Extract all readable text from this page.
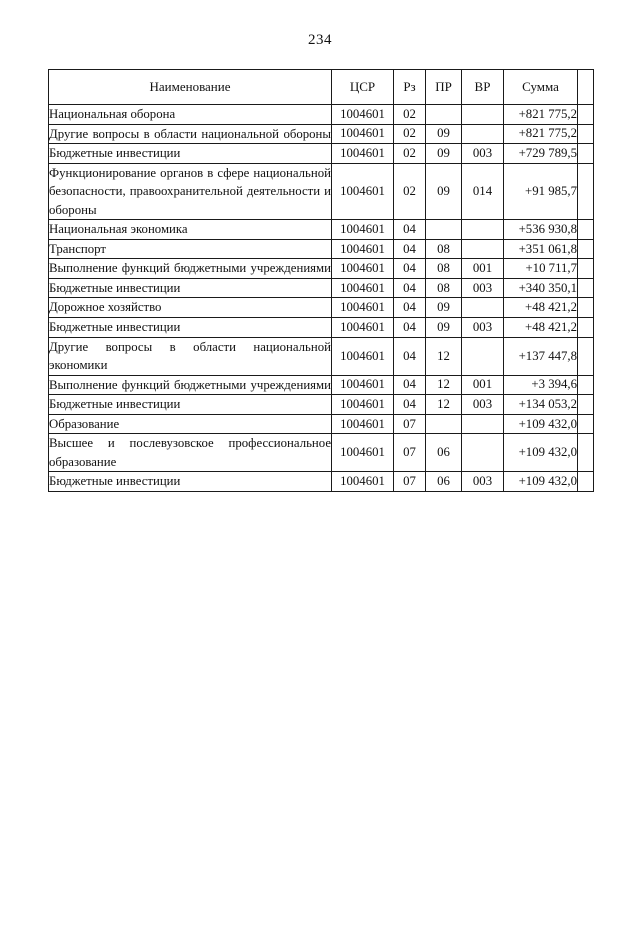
234
Наименование	ЦСР	Рз	ПР	ВР	Сумма	
Национальная оборона	1004601	02			+821 775,2	
Другие вопросы в области национальной обороны	1004601	02	09		+821 775,2	
Бюджетные инвестиции	1004601	02	09	003	+729 789,5	
Функционирование органов в сфере национальной безопасности, правоохранительной деятельности и обороны	1004601	02	09	014	+91 985,7	
Национальная экономика	1004601	04			+536 930,8	
Транспорт	1004601	04	08		+351 061,8	
Выполнение функций бюджетными учреждениями	1004601	04	08	001	+10 711,7	
Бюджетные инвестиции	1004601	04	08	003	+340 350,1	
Дорожное хозяйство	1004601	04	09		+48 421,2	
Бюджетные инвестиции	1004601	04	09	003	+48 421,2	
Другие вопросы в области национальной экономики	1004601	04	12		+137 447,8	
Выполнение функций бюджетными учреждениями	1004601	04	12	001	+3 394,6	
Бюджетные инвестиции	1004601	04	12	003	+134 053,2	
Образование	1004601	07			+109 432,0	
Высшее и послевузовское профессиональное образование	1004601	07	06		+109 432,0	
Бюджетные инвестиции	1004601	07	06	003	+109 432,0	
